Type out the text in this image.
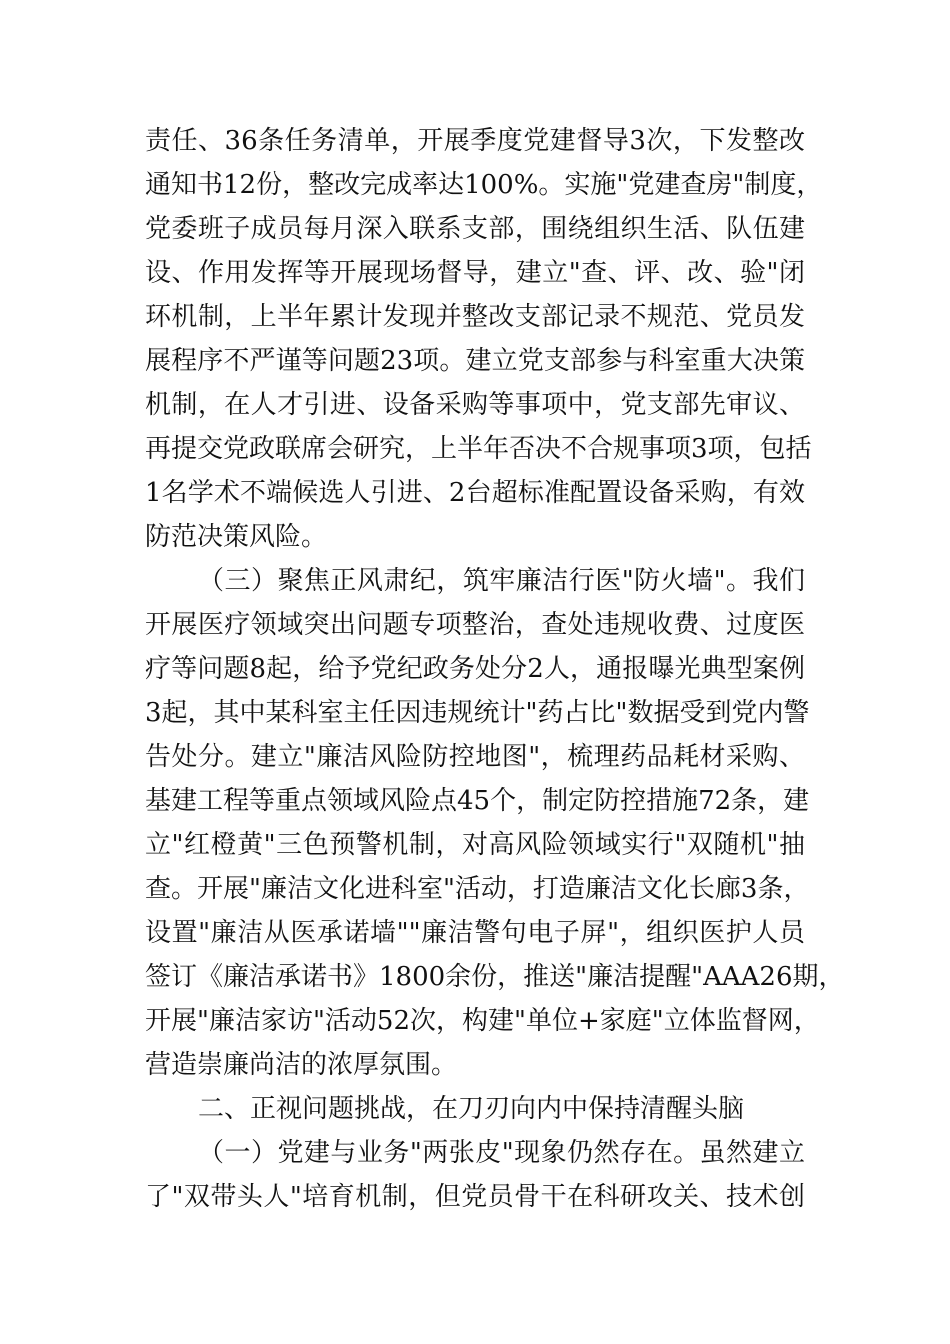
责任、36条任务清单，开展季度党建督导3次，下发整改
通知书12份，整改完成率达100%。实施"党建查房"制度，
党委班子成员每月深入联系支部，围绕组织生活、队伍建
设、作用发挥等开展现场督导，建立"查、评、改、验"闭
环机制，上半年累计发现并整改支部记录不规范、党员发
展程序不严谨等问题23项。建立党支部参与科室重大决策
机制，在人才引进、设备采购等事项中，党支部先审议、
再提交党政联席会研究，上半年否决不合规事项3项，包括
1名学术不端候选人引进、2台超标准配置设备采购，有效
防范决策风险。
（三）聚焦正风肃纪，筑牢廉洁行医"防火墙"。我们
开展医疗领域突出问题专项整治，查处违规收费、过度医
疗等问题8起，给予党纪政务处分2人，通报曝光典型案例
3起，其中某科室主任因违规统计"药占比"数据受到党内警
告处分。建立"廉洁风险防控地图"，梳理药品耗材采购、
基建工程等重点领域风险点45个，制定防控措施72条，建
立"红橙黄"三色预警机制，对高风险领域实行"双随机"抽
查。开展"廉洁文化进科室"活动，打造廉洁文化长廊3条，
设置"廉洁从医承诺墙""廉洁警句电子屏"，组织医护人员
签订《廉洁承诺书》1800余份，推送"廉洁提醒"AAA26期，
开展"廉洁家访"活动52次，构建"单位+家庭"立体监督网，
营造崇廉尚洁的浓厚氛围。
二、正视问题挑战，在刀刃向内中保持清醒头脑
（一）党建与业务"两张皮"现象仍然存在。虽然建立
了"双带头人"培育机制，但党员骨干在科研攻关、技术创
